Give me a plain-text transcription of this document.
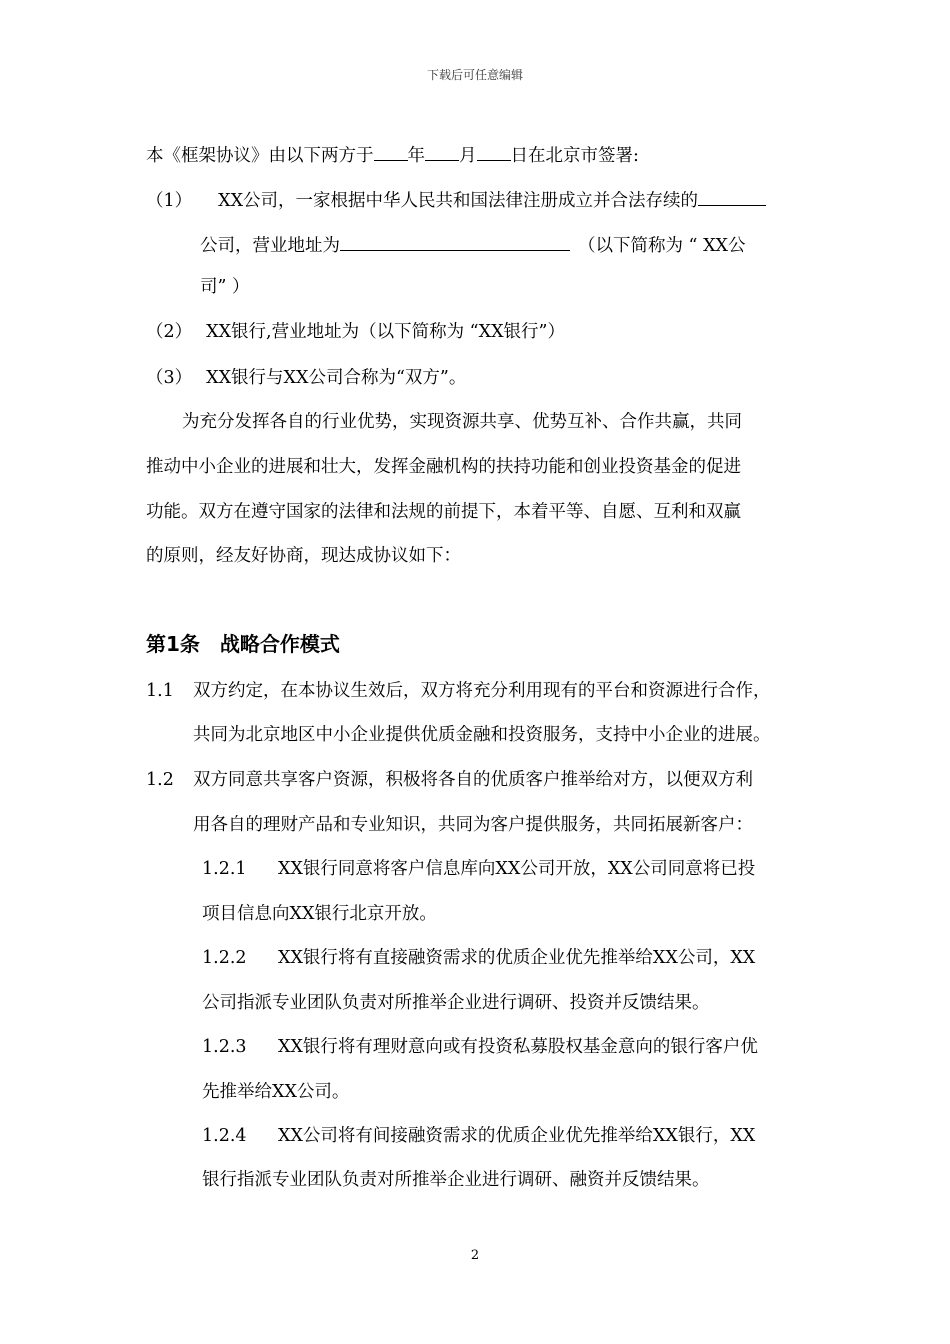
下载后可任意编辑
本《框架协议》由以下两方于 年 月 日在北京市签署:
（1） XX公司，一家根据中华人民共和国法律注册成立并合法存续的
公司，营业地址为	（以下简称为 “ XX公
司” ）
（2） XX银行,营业地址为（以下简称为 “XX银行”）
（3） XX银行与XX公司合称为“双方”。
为充分发挥各自的行业优势，实现资源共享、优势互补、合作共赢，共同
推动中小企业的进展和壮大，发挥金融机构的扶持功能和创业投资基金的促进
功能。双方在遵守国家的法律和法规的前提下，本着平等、自愿、互利和双赢
的原则，经友好协商，现达成协议如下：
第1条　战略合作模式
1.1 双方约定，在本协议生效后，双方将充分利用现有的平台和资源进行合作，
共同为北京地区中小企业提供优质金融和投资服务，支持中小企业的进展。
1.2 双方同意共享客户资源，积极将各自的优质客户推举给对方，以便双方利
用各自的理财产品和专业知识，共同为客户提供服务，共同拓展新客户：
1.2.1 XX银行同意将客户信息库向XX公司开放，XX公司同意将已投
项目信息向XX银行北京开放。
1.2.2 XX银行将有直接融资需求的优质企业优先推举给XX公司，XX
公司指派专业团队负责对所推举企业进行调研、投资并反馈结果。
1.2.3 XX银行将有理财意向或有投资私募股权基金意向的银行客户优
先推举给XX公司。
1.2.4 XX公司将有间接融资需求的优质企业优先推举给XX银行，XX
银行指派专业团队负责对所推举企业进行调研、融资并反馈结果。
2
